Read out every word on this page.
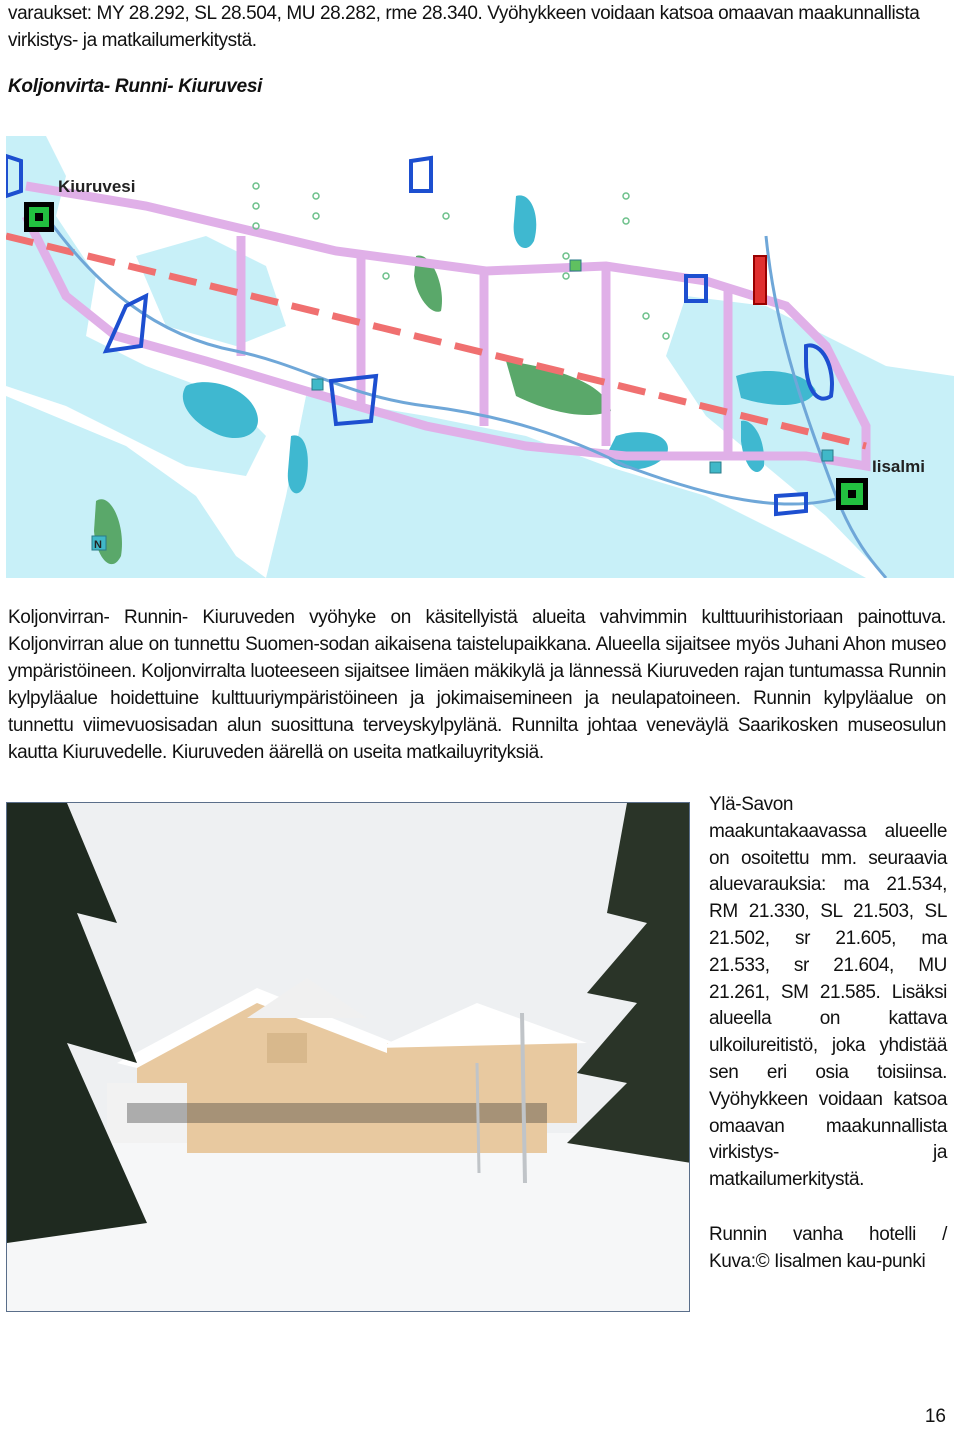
varaukset: MY 28.292, SL 28.504, MU 28.282, rme 28.340. Vyöhykkeen voidaan katsoa omaavan maakunnallista virkistys- ja matkailumerkitystä.
Koljonvirta- Runni- Kiuruvesi
N
Kiuruvesi
Iisalmi
Koljonvirran- Runnin- Kiuruveden vyöhyke on käsitellyistä alueita vahvimmin kulttuurihistoriaan painottuva. Koljonvirran alue on tunnettu Suomen-sodan aikaisena taistelupaikkana. Alueella sijaitsee myös Juhani Ahon museo ympäristöineen. Koljonvirralta luoteeseen sijaitsee Iimäen mäkikylä ja lännessä Kiuruveden rajan tuntumassa Runnin kylpyläalue hoidettuine kulttuuriympäristöineen ja jokimaisemineen ja neulapatoineen. Runnin kylpyläalue on tunnettu viimevuosisadan alun suosittuna terveyskylpylänä. Runnilta johtaa veneväylä Saarikosken museosulun kautta Kiuruvedelle. Kiuruveden äärellä on useita matkailuyrityksiä.
Ylä-Savon maakuntakaavassa alueelle on osoitettu mm. seuraavia aluevarauksia: ma 21.534, RM 21.330, SL 21.503, SL 21.502, sr 21.605, ma 21.533, sr 21.604, MU 21.261, SM 21.585. Lisäksi alueella on kattava ulkoilureitistö, joka yhdistää sen eri osia toisiinsa. Vyöhykkeen voidaan katsoa omaavan maakunnallista virkistys- ja matkailumerkitystä.
Runnin vanha hotelli / Kuva:© Iisalmen kau-punki
16
